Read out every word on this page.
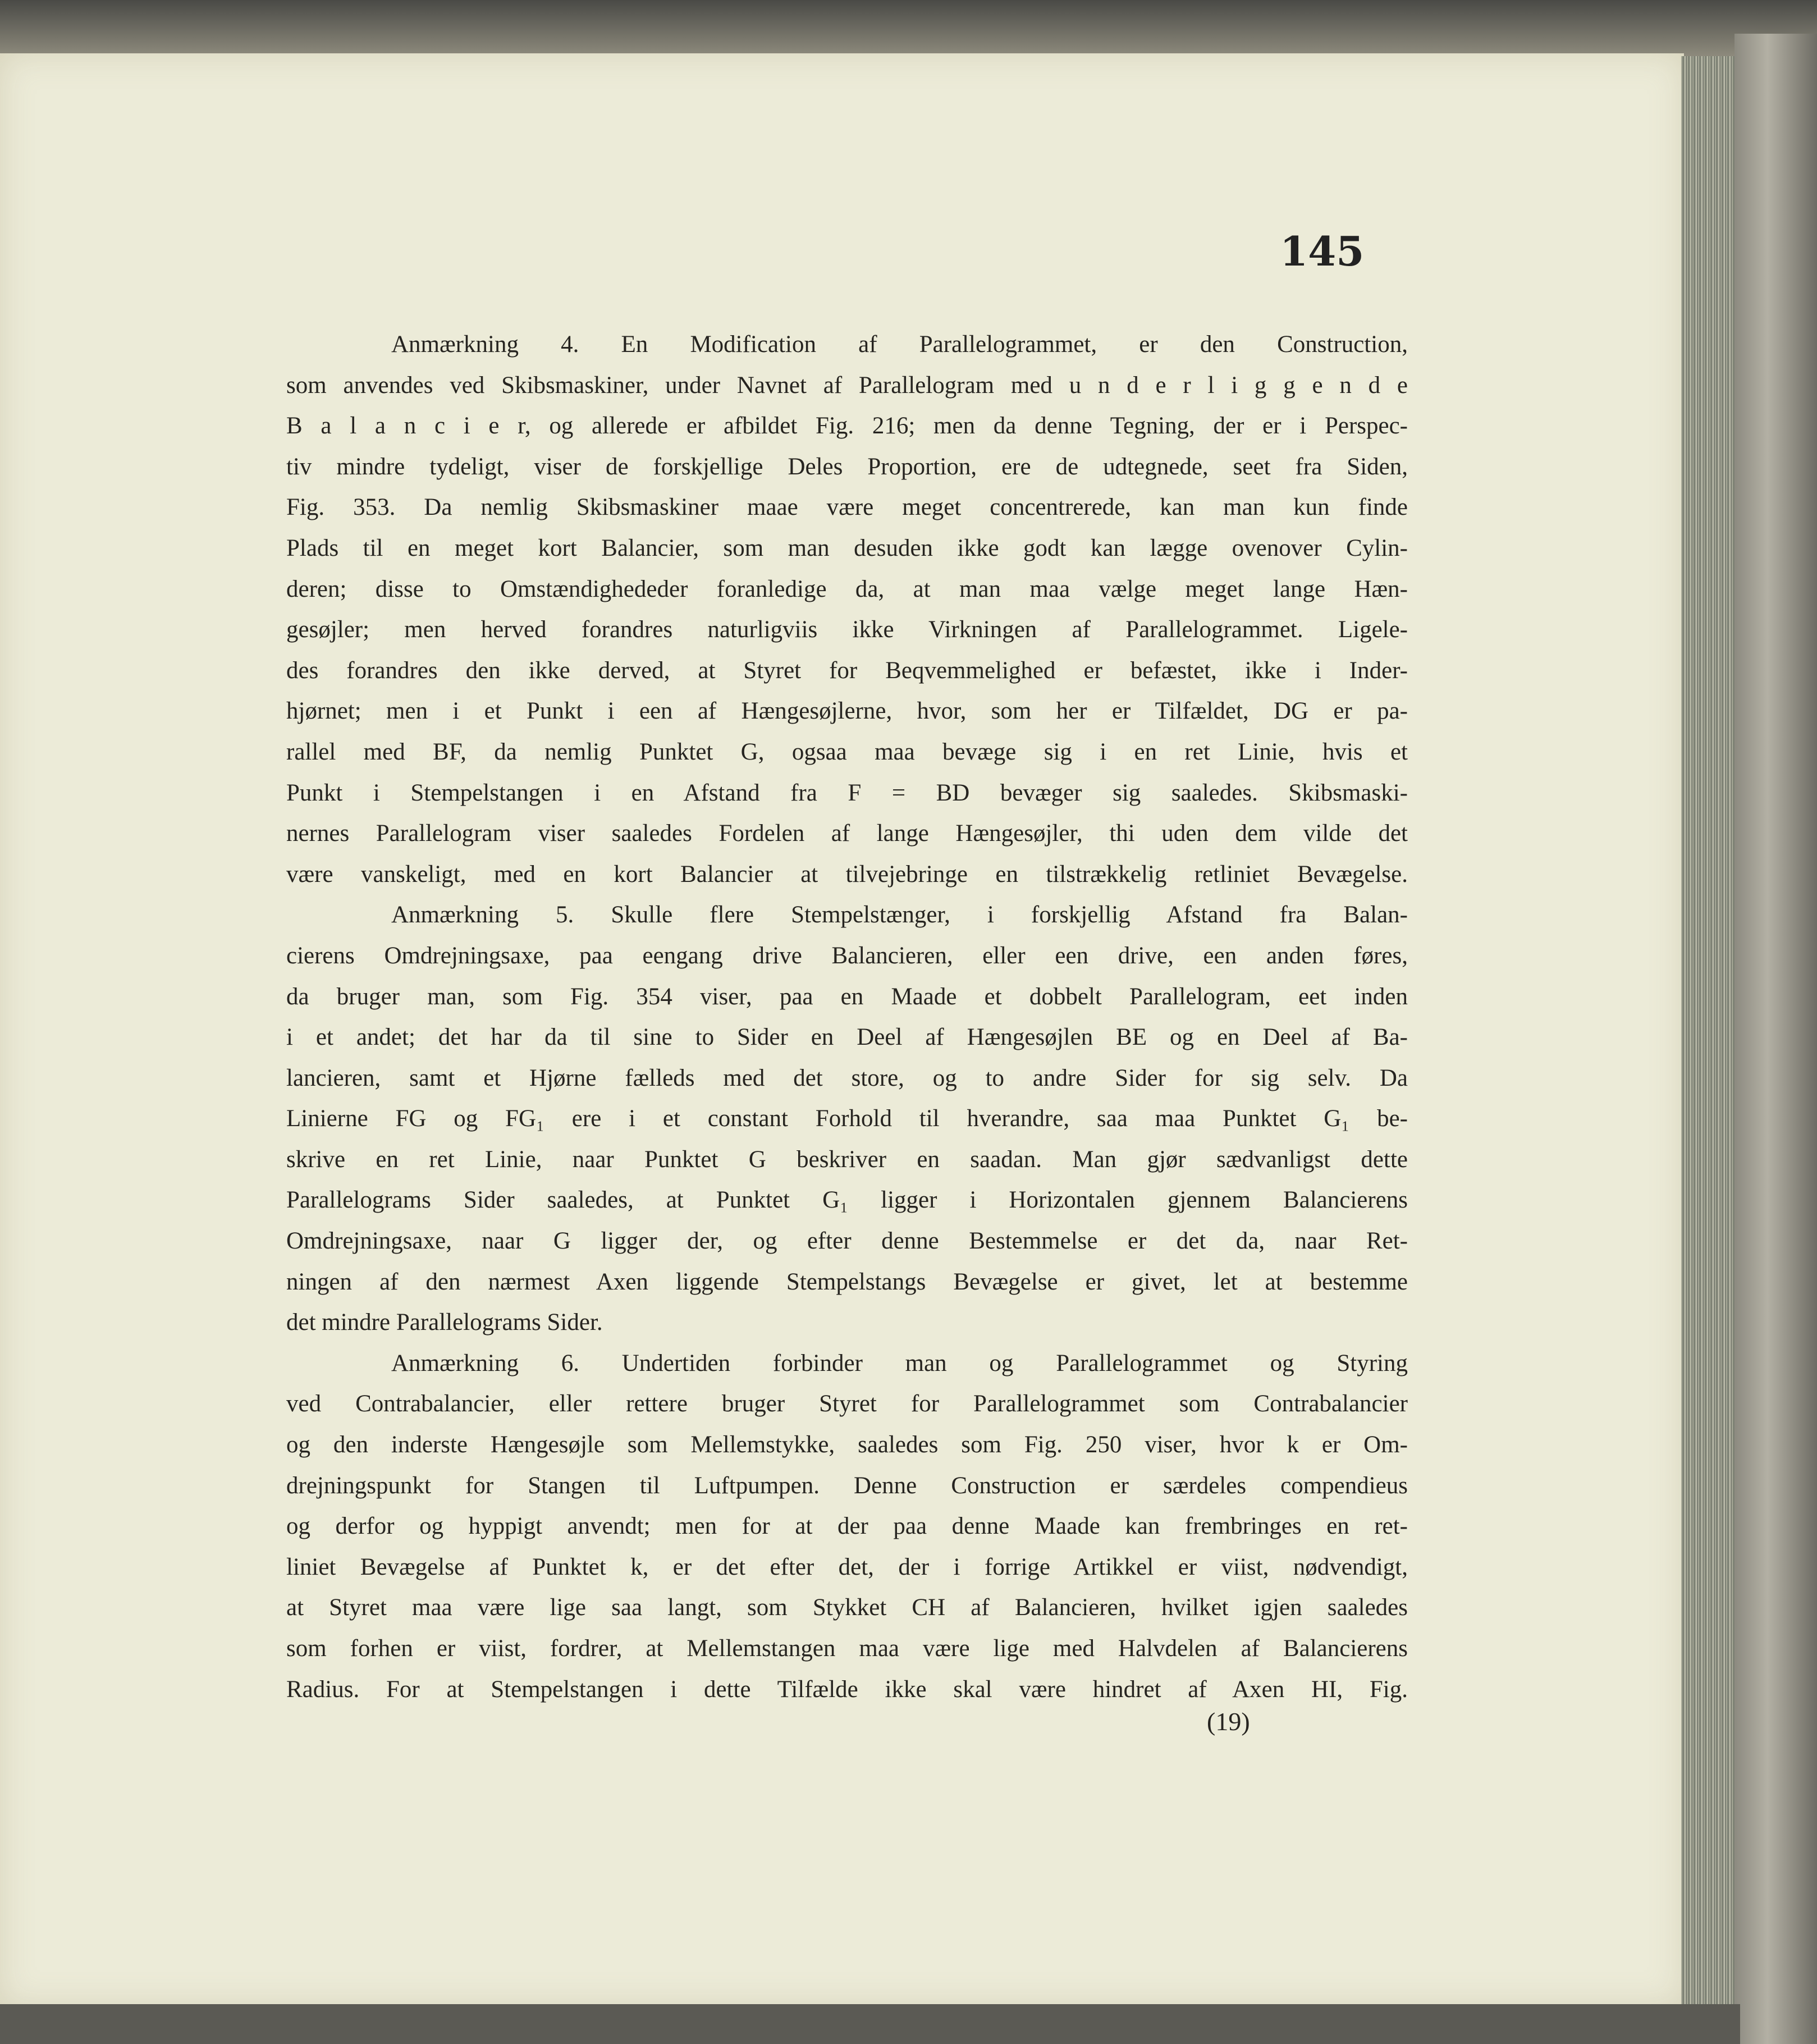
145
Anmærkning 4. En Modification af Parallelogrammet, er den Construction,
som anvendes ved Skibsmaskiner, under Navnet af Parallelogram med u n d e r l i g g e n d e
B a l a n c i e r, og allerede er afbildet Fig. 216; men da denne Tegning, der er i Perspec-
tiv mindre tydeligt, viser de forskjellige Deles Proportion, ere de udtegnede, seet fra Siden,
Fig. 353. Da nemlig Skibsmaskiner maae være meget concentrerede, kan man kun finde
Plads til en meget kort Balancier, som man desuden ikke godt kan lægge ovenover Cylin-
deren; disse to Omstændighededer foranledige da, at man maa vælge meget lange Hæn-
gesøjler; men herved forandres naturligviis ikke Virkningen af Parallelogrammet. Ligele-
des forandres den ikke derved, at Styret for Beqvemmelighed er befæstet, ikke i Inder-
hjørnet; men i et Punkt i een af Hængesøjlerne, hvor, som her er Tilfældet, DG er pa-
rallel med BF, da nemlig Punktet G, ogsaa maa bevæge sig i en ret Linie, hvis et
Punkt i Stempelstangen i en Afstand fra F = BD bevæger sig saaledes. Skibsmaski-
nernes Parallelogram viser saaledes Fordelen af lange Hængesøjler, thi uden dem vilde det
være vanskeligt, med en kort Balancier at tilvejebringe en tilstrækkelig retliniet Bevægelse.
Anmærkning 5. Skulle flere Stempelstænger, i forskjellig Afstand fra Balan-
cierens Omdrejningsaxe, paa eengang drive Balancieren, eller een drive, een anden føres,
da bruger man, som Fig. 354 viser, paa en Maade et dobbelt Parallelogram, eet inden
i et andet; det har da til sine to Sider en Deel af Hængesøjlen BE og en Deel af Ba-
lancieren, samt et Hjørne fælleds med det store, og to andre Sider for sig selv. Da
Linierne FG og FG₁ ere i et constant Forhold til hverandre, saa maa Punktet G₁ be-
skrive en ret Linie, naar Punktet G beskriver en saadan. Man gjør sædvanligst dette
Parallelograms Sider saaledes, at Punktet G₁ ligger i Horizontalen gjennem Balancierens
Omdrejningsaxe, naar G ligger der, og efter denne Bestemmelse er det da, naar Ret-
ningen af den nærmest Axen liggende Stempelstangs Bevægelse er givet, let at bestemme
det mindre Parallelograms Sider.
Anmærkning 6. Undertiden forbinder man og Parallelogrammet og Styring
ved Contrabalancier, eller rettere bruger Styret for Parallelogrammet som Contrabalancier
og den inderste Hængesøjle som Mellemstykke, saaledes som Fig. 250 viser, hvor k er Om-
drejningspunkt for Stangen til Luftpumpen. Denne Construction er særdeles compendieus
og derfor og hyppigt anvendt; men for at der paa denne Maade kan frembringes en ret-
liniet Bevægelse af Punktet k, er det efter det, der i forrige Artikkel er viist, nødvendigt,
at Styret maa være lige saa langt, som Stykket CH af Balancieren, hvilket igjen saaledes
som forhen er viist, fordrer, at Mellemstangen maa være lige med Halvdelen af Balancierens
Radius. For at Stempelstangen i dette Tilfælde ikke skal være hindret af Axen HI, Fig.
(19)
